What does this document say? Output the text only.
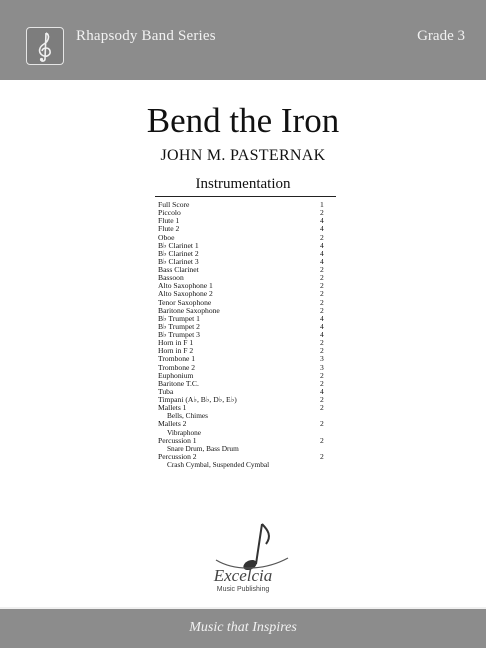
Rhapsody Band Series	Grade 3
Bend the Iron
JOHN M. PASTERNAK
Instrumentation
Full Score	1
Piccolo	2
Flute 1	4
Flute 2	4
Oboe	2
B♭ Clarinet 1	4
B♭ Clarinet 2	4
B♭ Clarinet 3	4
Bass Clarinet	2
Bassoon	2
Alto Saxophone 1	2
Alto Saxophone 2	2
Tenor Saxophone	2
Baritone Saxophone	2
B♭ Trumpet 1	4
B♭ Trumpet 2	4
B♭ Trumpet 3	4
Horn in F 1	2
Horn in F 2	2
Trombone 1	3
Trombone 2	3
Euphonium	2
Baritone T.C.	2
Tuba	4
Timpani (A♭, B♭, D♭, E♭)	2
Mallets 1	2
Bells, Chimes
Mallets 2	2
Vibraphone
Percussion 1	2
Snare Drum, Bass Drum
Percussion 2	2
Crash Cymbal, Suspended Cymbal
Excelcia
Music Publishing
Music that Inspires
